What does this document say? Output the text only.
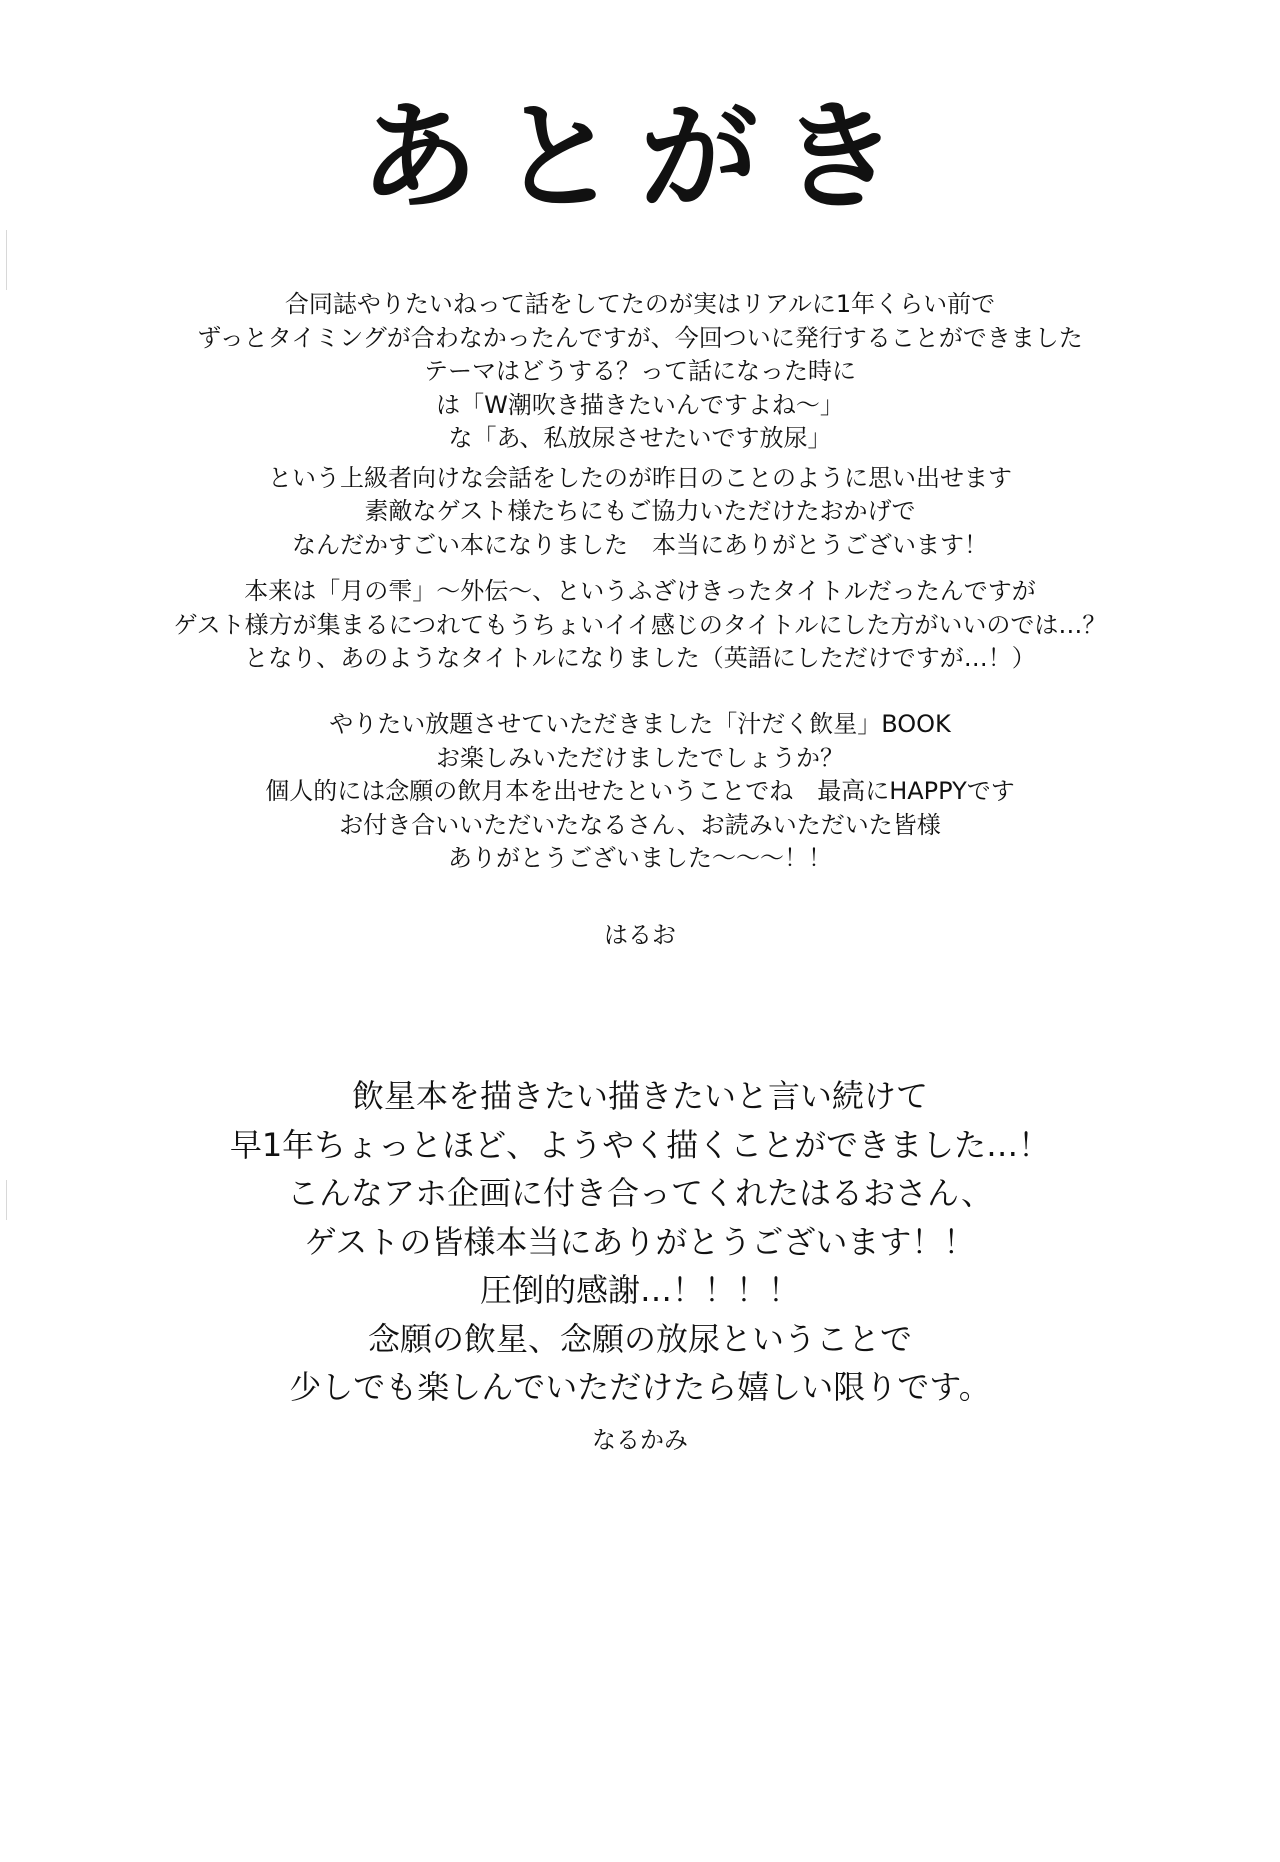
あとがき
合同誌やりたいねって話をしてたのが実はリアルに1年くらい前で
ずっとタイミングが合わなかったんですが、今回ついに発行することができました
テーマはどうする？って話になった時に
は「W潮吹き描きたいんですよね～」
な「あ、私放尿させたいです放尿」
という上級者向けな会話をしたのが昨日のことのように思い出せます
素敵なゲスト様たちにもご協力いただけたおかげで
なんだかすごい本になりました　本当にありがとうございます！
本来は「月の雫」～外伝～、というふざけきったタイトルだったんですが
ゲスト様方が集まるにつれてもうちょいイイ感じのタイトルにした方がいいのでは…？
となり、あのようなタイトルになりました（英語にしただけですが…！）
やりたい放題させていただきました「汁だく飲星」BOOK
お楽しみいただけましたでしょうか？
個人的には念願の飲月本を出せたということでね　最高にHAPPYです
お付き合いいただいたなるさん、お読みいただいた皆様
ありがとうございました～～～！！
はるお
飲星本を描きたい描きたいと言い続けて
早1年ちょっとほど、ようやく描くことができました…！
こんなアホ企画に付き合ってくれたはるおさん、
ゲストの皆様本当にありがとうございます！！
圧倒的感謝…！！！！
念願の飲星、念願の放尿ということで
少しでも楽しんでいただけたら嬉しい限りです。
なるかみ
